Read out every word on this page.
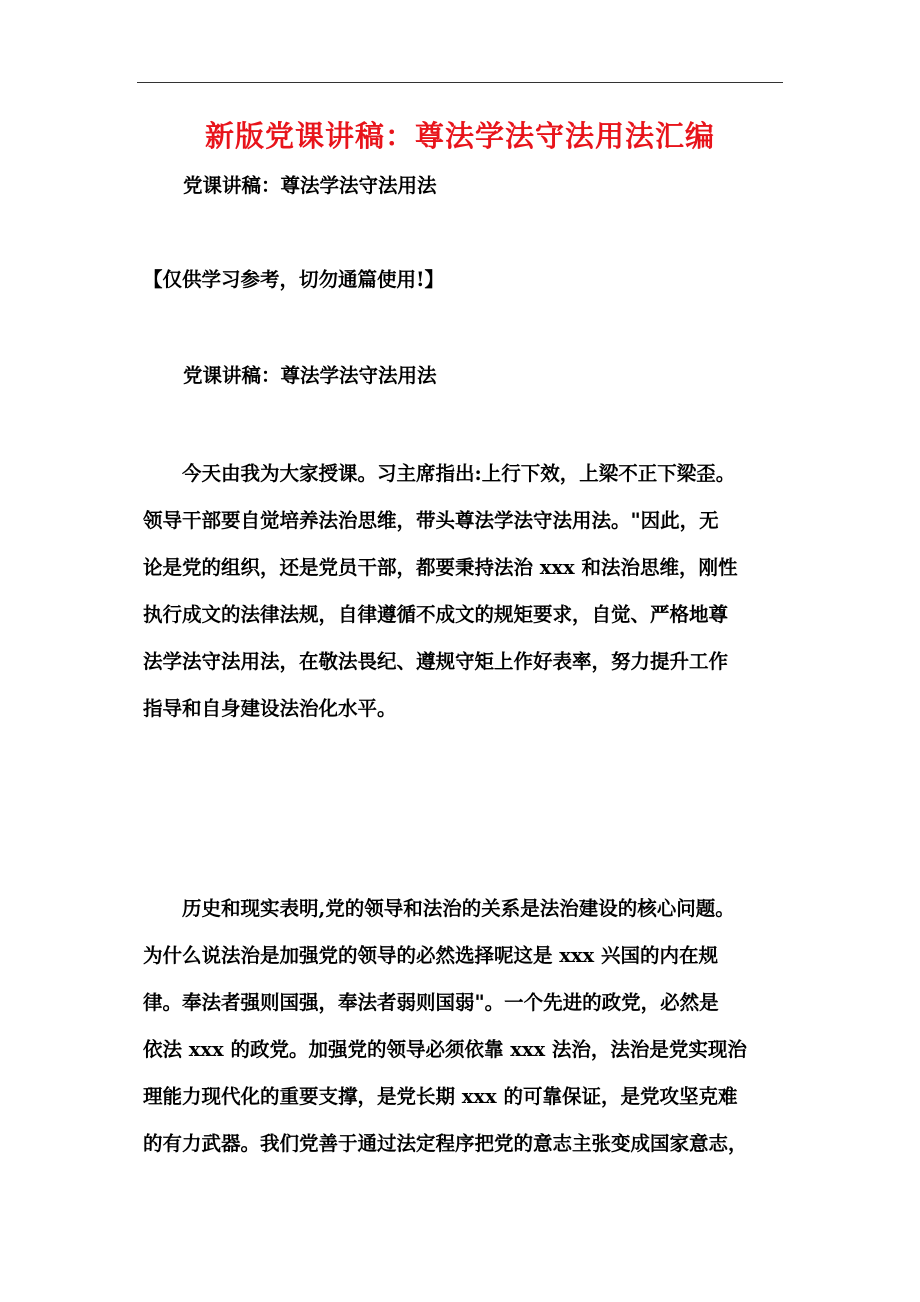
新版党课讲稿：尊法学法守法用法汇编
党课讲稿：尊法学法守法用法
【仅供学习参考，切勿通篇使用!】
党课讲稿：尊法学法守法用法
今天由我为大家授课。习主席指出:上行下效，上梁不正下梁歪。
领导干部要自觉培养法治思维，带头尊法学法守法用法。"因此，无
论是党的组织，还是党员干部，都要秉持法治 xxx 和法治思维，刚性
执行成文的法律法规，自律遵循不成文的规矩要求，自觉、严格地尊
法学法守法用法，在敬法畏纪、遵规守矩上作好表率，努力提升工作
指导和自身建设法治化水平。
历史和现实表明,党的领导和法治的关系是法治建设的核心问题。
为什么说法治是加强党的领导的必然选择呢这是 xxx 兴国的内在规
律。奉法者强则国强，奉法者弱则国弱"。一个先进的政党，必然是
依法 xxx 的政党。加强党的领导必须依靠 xxx 法治，法治是党实现治
理能力现代化的重要支撑，是党长期 xxx 的可靠保证，是党攻坚克难
的有力武器。我们党善于通过法定程序把党的意志主张变成国家意志，
